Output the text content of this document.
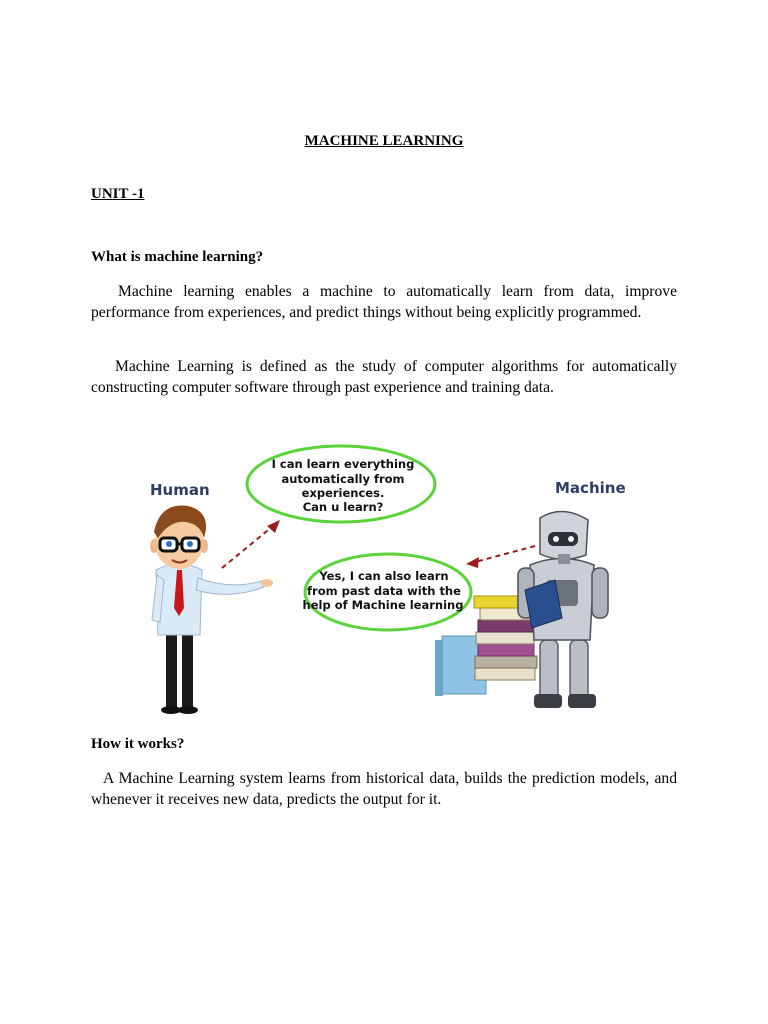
MACHINE LEARNING
UNIT -1
What is machine learning?
Machine learning enables a machine to automatically learn from data, improve performance from experiences, and predict things without being explicitly programmed.
Machine Learning is defined as the study of computer algorithms for automatically constructing computer software through past experience and training data.
Human	Machine
I can learn everything automatically from experiences. Can u learn?
Yes, I can also learn from past data with the help of Machine learning
How it works?
A Machine Learning system learns from historical data, builds the prediction models, and whenever it receives new data, predicts the output for it.
